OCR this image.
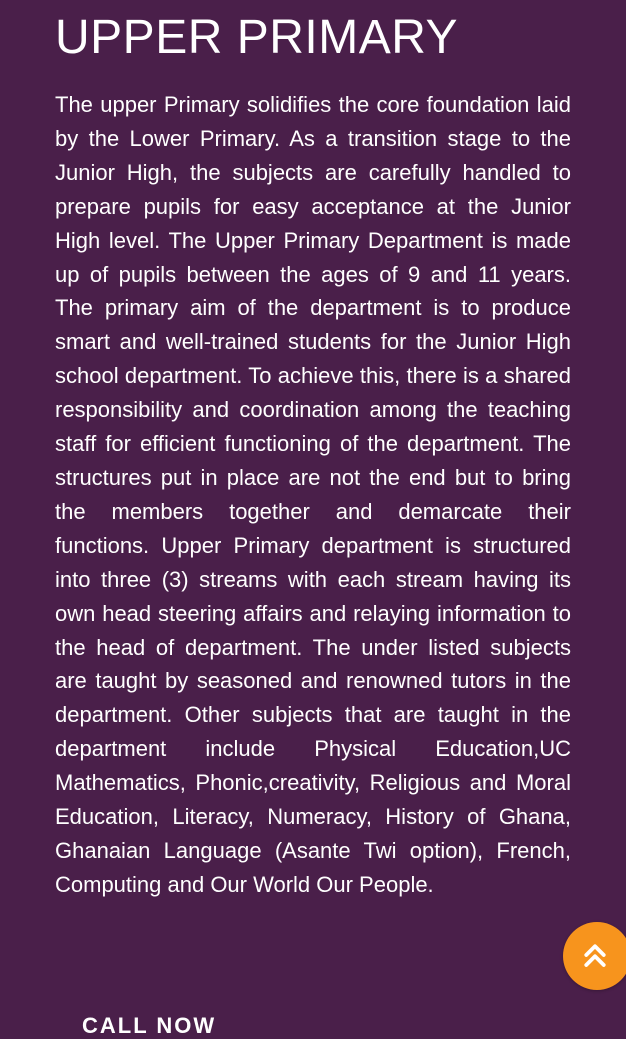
UPPER PRIMARY

The upper Primary solidifies the core foundation laid by the Lower Primary. As a transition stage to the Junior High, the subjects are carefully handled to prepare pupils for easy acceptance at the Junior High level. The Upper Primary Department is made up of pupils between the ages of 9 and 11 years. The primary aim of the department is to produce smart and well-trained students for the Junior High school department. To achieve this, there is a shared responsibility and coordination among the teaching staff for efficient functioning of the department. The structures put in place are not the end but to bring the members together and demarcate their functions. Upper Primary department is structured into three (3) streams with each stream having its own head steering affairs and relaying information to the head of department. The under listed subjects are taught by seasoned and renowned tutors in the department. Other subjects that are taught in the department include Physical Education,UC Mathematics, Phonic,creativity, Religious and Moral Education, Literacy, Numeracy, History of Ghana, Ghanaian Language (Asante Twi option), French, Computing and Our World Our People.

CALL NOW
